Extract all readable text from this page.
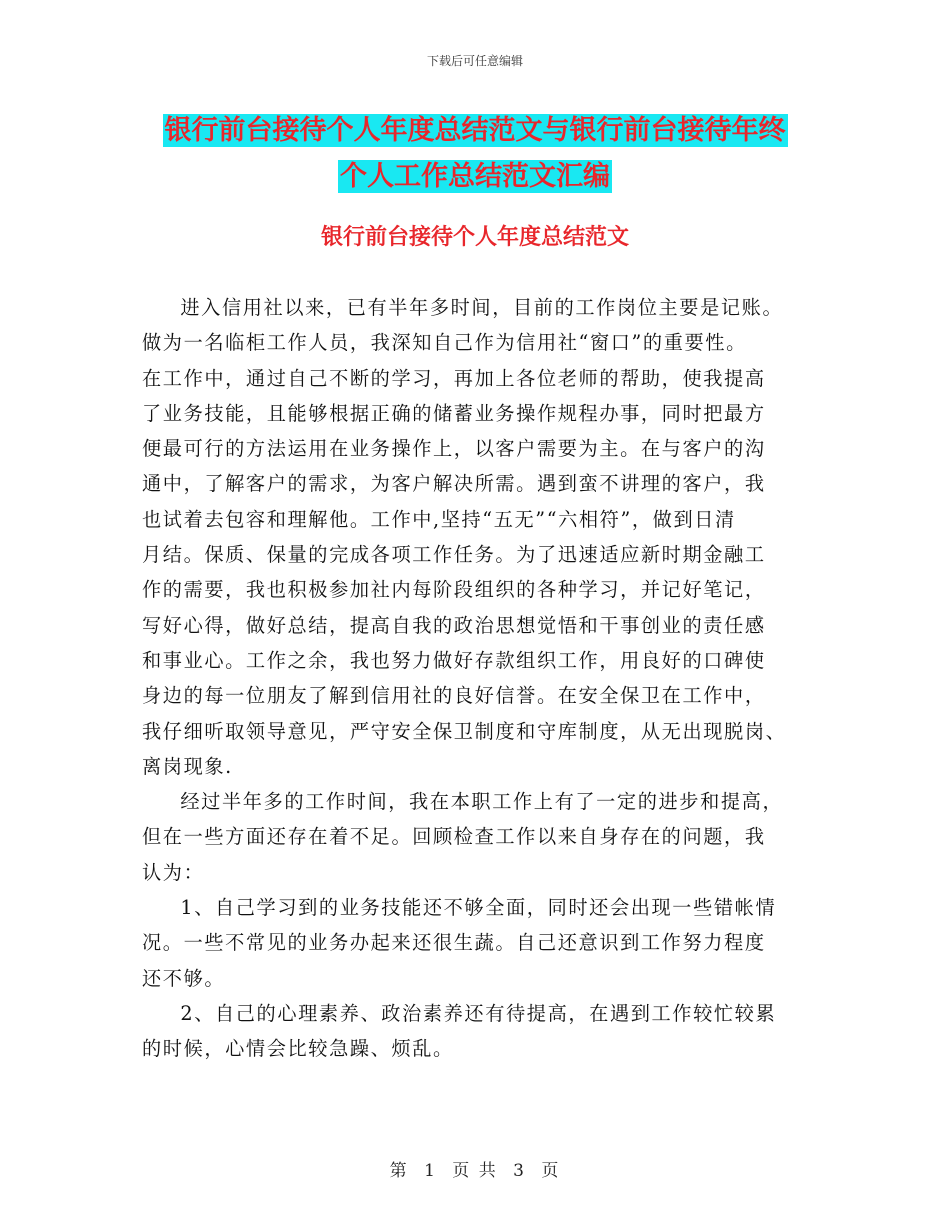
下载后可任意编辑
银行前台接待个人年度总结范文与银行前台接待年终
个人工作总结范文汇编
银行前台接待个人年度总结范文

进入信用社以来，已有半年多时间，目前的工作岗位主要是记账。
做为一名临柜工作人员，我深知自己作为信用社“窗口”的重要性。
在工作中，通过自己不断的学习，再加上各位老师的帮助，使我提高
了业务技能，且能够根据正确的储蓄业务操作规程办事，同时把最方
便最可行的方法运用在业务操作上，以客户需要为主。在与客户的沟
通中，了解客户的需求，为客户解决所需。遇到蛮不讲理的客户，我
也试着去包容和理解他。工作中,坚持“五无”“六相符”，做到日清
月结。保质、保量的完成各项工作任务。为了迅速适应新时期金融工
作的需要，我也积极参加社内每阶段组织的各种学习，并记好笔记，
写好心得，做好总结，提高自我的政治思想觉悟和干事创业的责任感
和事业心。工作之余，我也努力做好存款组织工作，用良好的口碑使
身边的每一位朋友了解到信用社的良好信誉。在安全保卫在工作中，
我仔细听取领导意见，严守安全保卫制度和守库制度，从无出现脱岗、
离岗现象.

经过半年多的工作时间，我在本职工作上有了一定的进步和提高，
但在一些方面还存在着不足。回顾检查工作以来自身存在的问题，我
认为：

1、自己学习到的业务技能还不够全面，同时还会出现一些错帐情
况。一些不常见的业务办起来还很生蔬。自己还意识到工作努力程度
还不够。

2、自己的心理素养、政治素养还有待提高，在遇到工作较忙较累
的时候，心情会比较急躁、烦乱。

第 1 页 共 3 页
